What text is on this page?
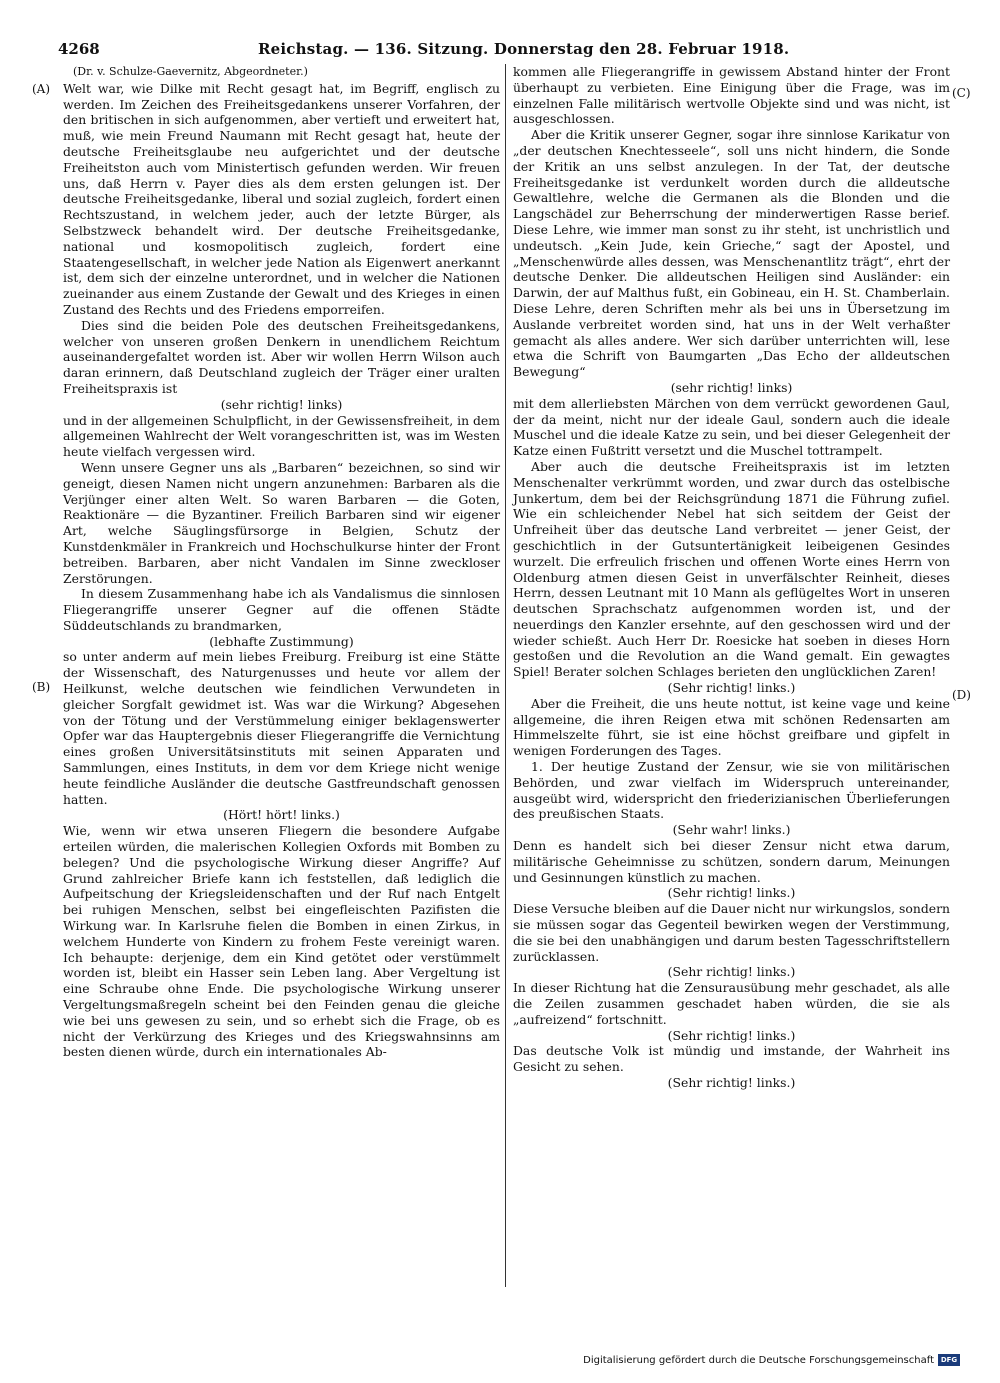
4268	Reichstag. — 136. Sitzung. Donnerstag den 28. Februar 1918.
(A)
(B)
(C)
(D)
(Dr. v. Schulze-Gaevernitz, Abgeordneter.)

Welt war, wie Dilke mit Recht gesagt hat, im Begriff, englisch zu werden. Im Zeichen des Freiheitsgedankens unserer Vorfahren, der den britischen in sich aufgenommen, aber vertieft und erweitert hat, muß, wie mein Freund Naumann mit Recht gesagt hat, heute der deutsche Freiheitsglaube neu aufgerichtet und der deutsche Freiheitston auch vom Ministertisch gefunden werden. Wir freuen uns, daß Herrn v. Payer dies als dem ersten gelungen ist. Der deutsche Freiheitsgedanke, liberal und sozial zugleich, fordert einen Rechtszustand, in welchem jeder, auch der letzte Bürger, als Selbstzweck behandelt wird. Der deutsche Freiheitsgedanke, national und kosmopolitisch zugleich, fordert eine Staatengesellschaft, in welcher jede Nation als Eigenwert anerkannt ist, dem sich der einzelne unterordnet, und in welcher die Nationen zueinander aus einem Zustande der Gewalt und des Krieges in einen Zustand des Rechts und des Friedens emporreifen.

Dies sind die beiden Pole des deutschen Freiheitsgedankens, welcher von unseren großen Denkern in unendlichem Reichtum auseinandergefaltet worden ist. Aber wir wollen Herrn Wilson auch daran erinnern, daß Deutschland zugleich der Träger einer uralten Freiheitspraxis ist

(sehr richtig! links)

und in der allgemeinen Schulpflicht, in der Gewissensfreiheit, in dem allgemeinen Wahlrecht der Welt vorangeschritten ist, was im Westen heute vielfach vergessen wird.

Wenn unsere Gegner uns als „Barbaren“ bezeichnen, so sind wir geneigt, diesen Namen nicht ungern anzunehmen: Barbaren als die Verjünger einer alten Welt. So waren Barbaren — die Goten, Reaktionäre — die Byzantiner. Freilich Barbaren sind wir eigener Art, welche Säuglingsfürsorge in Belgien, Schutz der Kunstdenkmäler in Frankreich und Hochschulkurse hinter der Front betreiben. Barbaren, aber nicht Vandalen im Sinne zweckloser Zerstörungen.

In diesem Zusammenhang habe ich als Vandalismus die sinnlosen Fliegerangriffe unserer Gegner auf die offenen Städte Süddeutschlands zu brandmarken,

(lebhafte Zustimmung)

so unter anderm auf mein liebes Freiburg. Freiburg ist eine Stätte der Wissenschaft, des Naturgenusses und heute vor allem der Heilkunst, welche deutschen wie feindlichen Verwundeten in gleicher Sorgfalt gewidmet ist. Was war die Wirkung? Abgesehen von der Tötung und der Verstümmelung einiger beklagenswerter Opfer war das Hauptergebnis dieser Fliegerangriffe die Vernichtung eines großen Universitätsinstituts mit seinen Apparaten und Sammlungen, eines Instituts, in dem vor dem Kriege nicht wenige heute feindliche Ausländer die deutsche Gastfreundschaft genossen hatten.

(Hört! hört! links.)

Wie, wenn wir etwa unseren Fliegern die besondere Aufgabe erteilen würden, die malerischen Kollegien Oxfords mit Bomben zu belegen? Und die psychologische Wirkung dieser Angriffe? Auf Grund zahlreicher Briefe kann ich feststellen, daß lediglich die Aufpeitschung der Kriegsleidenschaften und der Ruf nach Entgelt bei ruhigen Menschen, selbst bei eingefleischten Pazifisten die Wirkung war. In Karlsruhe fielen die Bomben in einen Zirkus, in welchem Hunderte von Kindern zu frohem Feste vereinigt waren. Ich behaupte: derjenige, dem ein Kind getötet oder verstümmelt worden ist, bleibt ein Hasser sein Leben lang. Aber Vergeltung ist eine Schraube ohne Ende. Die psychologische Wirkung unserer Vergeltungsmaßregeln scheint bei den Feinden genau die gleiche wie bei uns gewesen zu sein, und so erhebt sich die Frage, ob es nicht der Verkürzung des Krieges und des Kriegswahnsinns am besten dienen würde, durch ein internationales Ab-

kommen alle Fliegerangriffe in gewissem Abstand hinter der Front überhaupt zu verbieten. Eine Einigung über die Frage, was im einzelnen Falle militärisch wertvolle Objekte sind und was nicht, ist ausgeschlossen.

Aber die Kritik unserer Gegner, sogar ihre sinnlose Karikatur von „der deutschen Knechtesseele“, soll uns nicht hindern, die Sonde der Kritik an uns selbst anzulegen. In der Tat, der deutsche Freiheitsgedanke ist verdunkelt worden durch die alldeutsche Gewaltlehre, welche die Germanen als die Blonden und die Langschädel zur Beherrschung der minderwertigen Rasse berief. Diese Lehre, wie immer man sonst zu ihr steht, ist unchristlich und undeutsch. „Kein Jude, kein Grieche,“ sagt der Apostel, und „Menschenwürde alles dessen, was Menschenantlitz trägt“, ehrt der deutsche Denker. Die alldeutschen Heiligen sind Ausländer: ein Darwin, der auf Malthus fußt, ein Gobineau, ein H. St. Chamberlain. Diese Lehre, deren Schriften mehr als bei uns in Übersetzung im Auslande verbreitet worden sind, hat uns in der Welt verhaßter gemacht als alles andere. Wer sich darüber unterrichten will, lese etwa die Schrift von Baumgarten „Das Echo der alldeutschen Bewegung“

(sehr richtig! links)

mit dem allerliebsten Märchen von dem verrückt gewordenen Gaul, der da meint, nicht nur der ideale Gaul, sondern auch die ideale Muschel und die ideale Katze zu sein, und bei dieser Gelegenheit der Katze einen Fußtritt versetzt und die Muschel tottrampelt.

Aber auch die deutsche Freiheitspraxis ist im letzten Menschenalter verkrümmt worden, und zwar durch das ostelbische Junkertum, dem bei der Reichsgründung 1871 die Führung zufiel. Wie ein schleichender Nebel hat sich seitdem der Geist der Unfreiheit über das deutsche Land verbreitet — jener Geist, der geschichtlich in der Gutsuntertänigkeit leibeigenen Gesindes wurzelt. Die erfreulich frischen und offenen Worte eines Herrn von Oldenburg atmen diesen Geist in unverfälschter Reinheit, dieses Herrn, dessen Leutnant mit 10 Mann als geflügeltes Wort in unseren deutschen Sprachschatz aufgenommen worden ist, und der neuerdings den Kanzler ersehnte, auf den geschossen wird und der wieder schießt. Auch Herr Dr. Roesicke hat soeben in dieses Horn gestoßen und die Revolution an die Wand gemalt. Ein gewagtes Spiel! Berater solchen Schlages berieten den unglücklichen Zaren!

(Sehr richtig! links.)

Aber die Freiheit, die uns heute nottut, ist keine vage und keine allgemeine, die ihren Reigen etwa mit schönen Redensarten am Himmelszelte führt, sie ist eine höchst greifbare und gipfelt in wenigen Forderungen des Tages.

1. Der heutige Zustand der Zensur, wie sie von militärischen Behörden, und zwar vielfach im Widerspruch untereinander, ausgeübt wird, widerspricht den friederizianischen Überlieferungen des preußischen Staats.

(Sehr wahr! links.)

Denn es handelt sich bei dieser Zensur nicht etwa darum, militärische Geheimnisse zu schützen, sondern darum, Meinungen und Gesinnungen künstlich zu machen.

(Sehr richtig! links.)

Diese Versuche bleiben auf die Dauer nicht nur wirkungslos, sondern sie müssen sogar das Gegenteil bewirken wegen der Verstimmung, die sie bei den unabhängigen und darum besten Tagesschriftstellern zurücklassen.

(Sehr richtig! links.)

In dieser Richtung hat die Zensurausübung mehr geschadet, als alle die Zeilen zusammen geschadet haben würden, die sie als „aufreizend“ fortschnitt.

(Sehr richtig! links.)

Das deutsche Volk ist mündig und imstande, der Wahrheit ins Gesicht zu sehen.

(Sehr richtig! links.)

Digitalisierung gefördert durch die Deutsche Forschungsgemeinschaft DFG
